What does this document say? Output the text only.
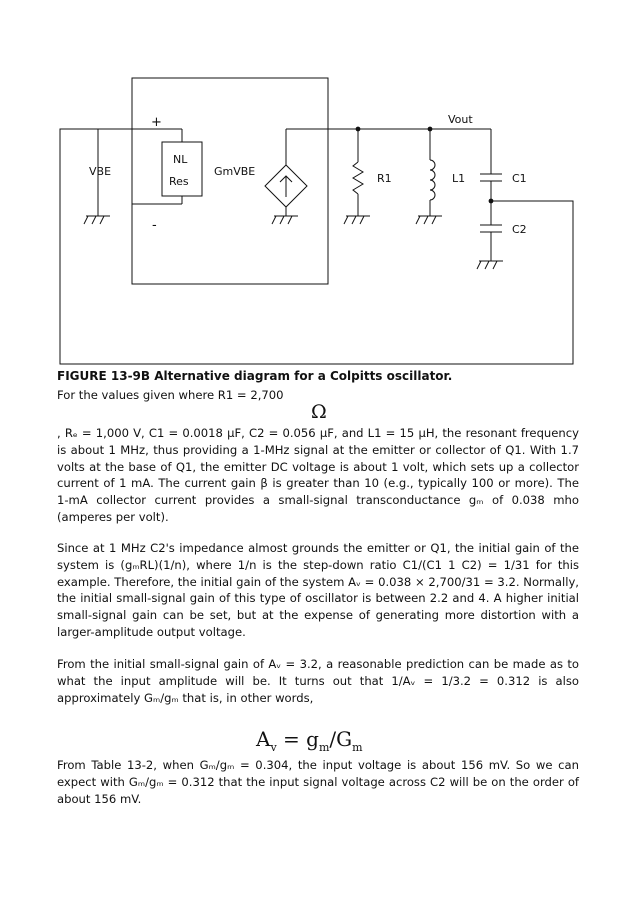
+
-
VBE
NL
Res
GmVBE
Vout
R1	L1	C1
C2
FIGURE 13-9B Alternative diagram for a Colpitts oscillator.
For the values given where R1 = 2,700
Ω
, Rₑ = 1,000 V, C1 = 0.0018 μF, C2 = 0.056 μF, and L1 = 15 μH, the resonant frequency is about 1 MHz, thus providing a 1-MHz signal at the emitter or collector of Q1. With 1.7 volts at the base of Q1, the emitter DC voltage is about 1 volt, which sets up a collector current of 1 mA. The current gain β is greater than 10 (e.g., typically 100 or more). The 1-mA collector current provides a small-signal transconductance gₘ of 0.038 mho (amperes per volt).
Since at 1 MHz C2's impedance almost grounds the emitter or Q1, the initial gain of the system is (gₘRL)(1/n), where 1/n is the step-down ratio C1/(C1 1 C2) = 1/31 for this example. Therefore, the initial gain of the system Aᵥ = 0.038 × 2,700/31 = 3.2. Normally, the initial small-signal gain of this type of oscillator is between 2.2 and 4. A higher initial small-signal gain can be set, but at the expense of generating more distortion with a larger-amplitude output voltage.
From the initial small-signal gain of Aᵥ = 3.2, a reasonable prediction can be made as to what the input amplitude will be. It turns out that 1/Aᵥ = 1/3.2 = 0.312 is also approximately Gₘ/gₘ that is, in other words,
$A_v = g_m/G_m$
From Table 13-2, when Gₘ/gₘ = 0.304, the input voltage is about 156 mV. So we can expect with Gₘ/gₘ = 0.312 that the input signal voltage across C2 will be on the order of about 156 mV.
